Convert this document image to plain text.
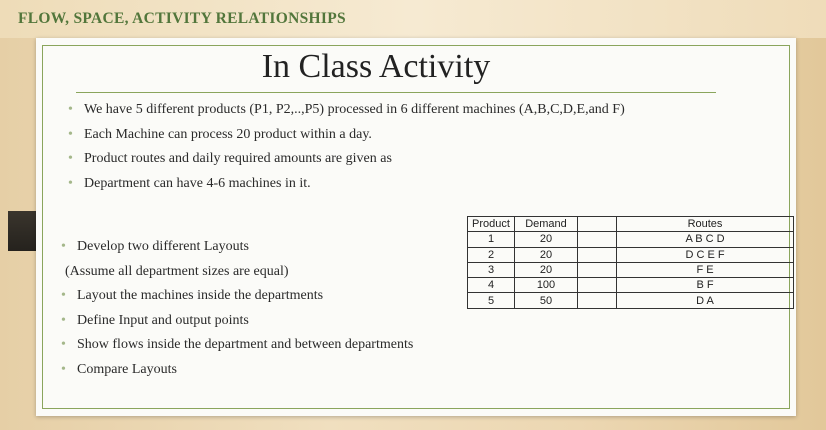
FLOW, SPACE, ACTIVITY RELATIONSHIPS
In Class Activity
• We have 5 different products (P1, P2,..,P5) processed in 6 different machines (A,B,C,D,E,and F)
• Each Machine can process 20 product within a day.
• Product routes and daily required amounts are given as
• Department can have 4-6 machines in it.
• Develop two different Layouts
(Assume all department sizes are equal)
• Layout the machines inside the departments
• Define Input and output points
• Show flows inside the department and between departments
• Compare Layouts
Product	Demand		Routes
1	20		A B C D
2	20		D C E F
3	20		F E
4	100		B F
5	50		D A
